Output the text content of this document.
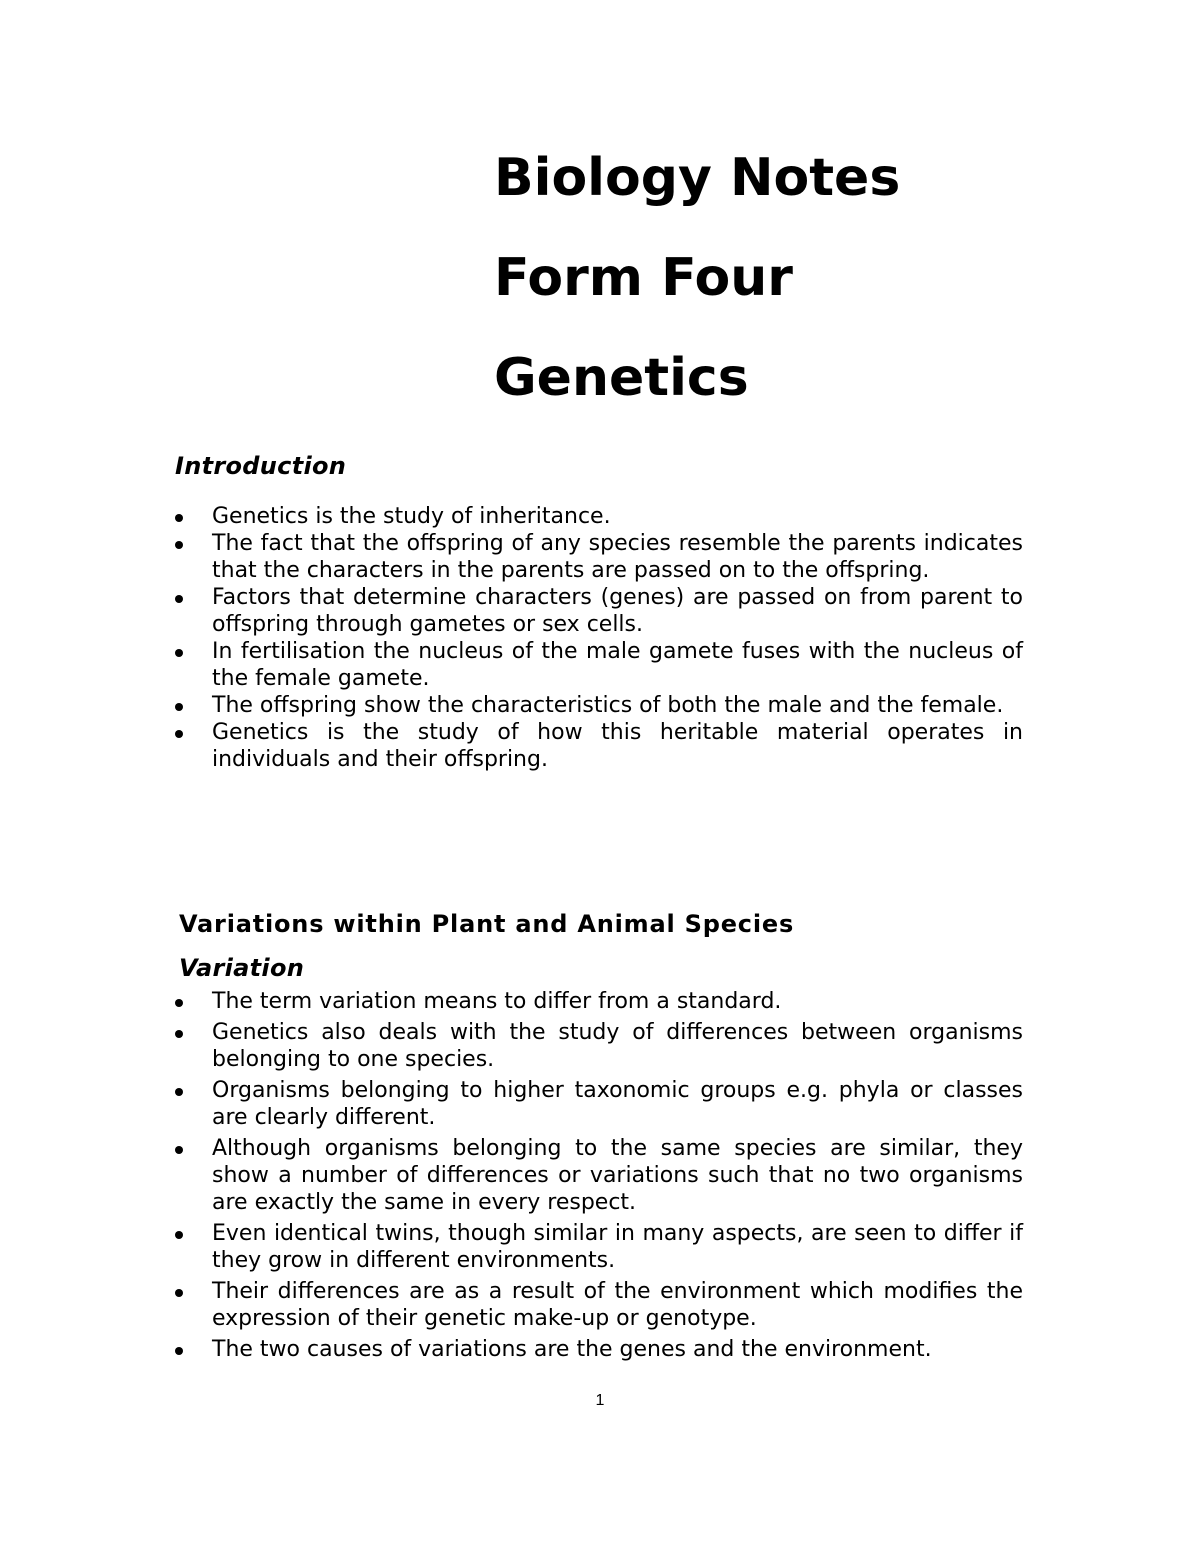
Biology Notes

Form Four

Genetics

Introduction
Genetics is the study of inheritance.
The fact that the offspring of any species resemble the parents indicates that the characters in the parents are passed on to the offspring.
Factors that determine characters (genes) are passed on from parent to offspring through gametes or sex cells.
In fertilisation the nucleus of the male gamete fuses with the nucleus of the female gamete.
The offspring show the characteristics of both the male and the female.
Genetics is the study of how this heritable material operates in individuals and their offspring.
Variations within Plant and Animal Species
Variation
The term variation means to differ from a standard.
Genetics also deals with the study of differences between organisms belonging to one species.
Organisms belonging to higher taxonomic groups e.g. phyla or classes are clearly different.
Although organisms belonging to the same species are similar, they show a number of differences or variations such that no two organisms are exactly the same in every respect.
Even identical twins, though similar in many aspects, are seen to differ if they grow in different environments.
Their differences are as a result of the environment which modifies the expression of their genetic make-up or genotype.
The two causes of variations are the genes and the environment.
1
